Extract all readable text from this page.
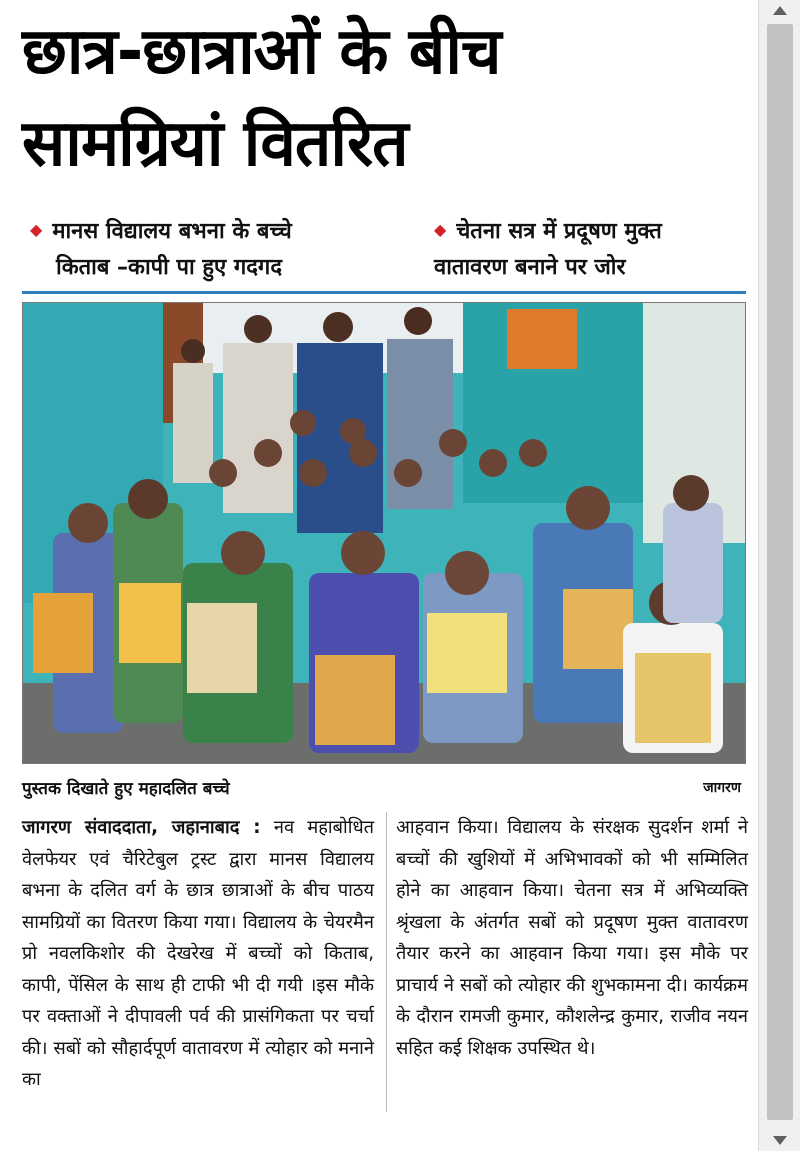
छात्र-छात्राओं के बीच
सामग्रियां वितरित
◆ मानस विद्यालय बभना के बच्चे
किताब –कापी पा हुए गदगद
◆ चेतना सत्र में प्रदूषण मुक्त
वातावरण बनाने पर जोर
पुस्तक दिखाते हुए महादलित बच्चे	जागरण
जागरण संवाददाता, जहानाबाद : नव महाबोधित वेलफेयर एवं चैरिटेबुल ट्रस्ट द्वारा मानस विद्यालय बभना के दलित वर्ग के छात्र छात्राओं के बीच पाठय सामग्रियों का वितरण किया गया। विद्यालय के चेयरमैन प्रो नवलकिशोर की देखरेख में बच्चों को किताब, कापी, पेंसिल के साथ ही टाफी भी दी गयी ।इस मौके पर वक्ताओं ने दीपावली पर्व की प्रासंगिकता पर चर्चा की। सबों को सौहार्दपूर्ण वातावरण में त्योहार को मनाने का
आहवान किया। विद्यालय के संरक्षक सुदर्शन शर्मा ने बच्चों की खुशियों में अभिभावकों को भी सम्मिलित होने का आहवान किया। चेतना सत्र में अभिव्यक्ति श्रृंखला के अंतर्गत सबों को प्रदूषण मुक्त वातावरण तैयार करने का आहवान किया गया। इस मौके पर प्राचार्य ने सबों को त्योहार की शुभकामना दी। कार्यक्रम के दौरान रामजी कुमार, कौशलेन्द्र कुमार, राजीव नयन सहित कई शिक्षक उपस्थित थे।
